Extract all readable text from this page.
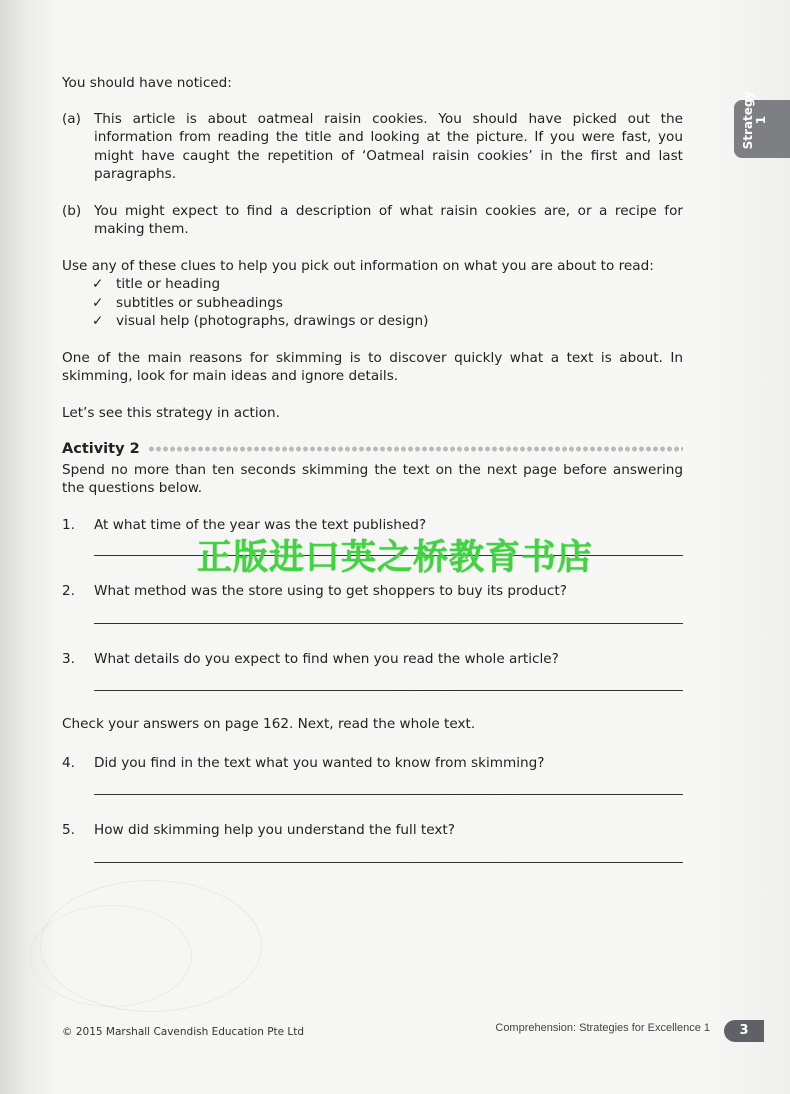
Strategy 1

You should have noticed:

(a) This article is about oatmeal raisin cookies. You should have picked out the information from reading the title and looking at the picture. If you were fast, you might have caught the repetition of ‘Oatmeal raisin cookies’ in the first and last paragraphs.
(b) You might expect to find a description of what raisin cookies are, or a recipe for making them.

Use any of these clues to help you pick out information on what you are about to read:

✓ title or heading
✓ subtitles or subheadings
✓ visual help (photographs, drawings or design)

One of the main reasons for skimming is to discover quickly what a text is about. In skimming, look for main ideas and ignore details.

Let’s see this strategy in action.

Activity 2

Spend no more than ten seconds skimming the text on the next page before answering the questions below.

1.	At what time of the year was the text published?
2.	What method was the store using to get shoppers to buy its product?
3.	What details do you expect to find when you read the whole article?

Check your answers on page 162. Next, read the whole text.

4.	Did you find in the text what you wanted to know from skimming?
5.	How did skimming help you understand the full text?
正版进口英之桥教育书店
© 2015 Marshall Cavendish Education Pte Ltd	Comprehension: Strategies for Excellence 1	3
